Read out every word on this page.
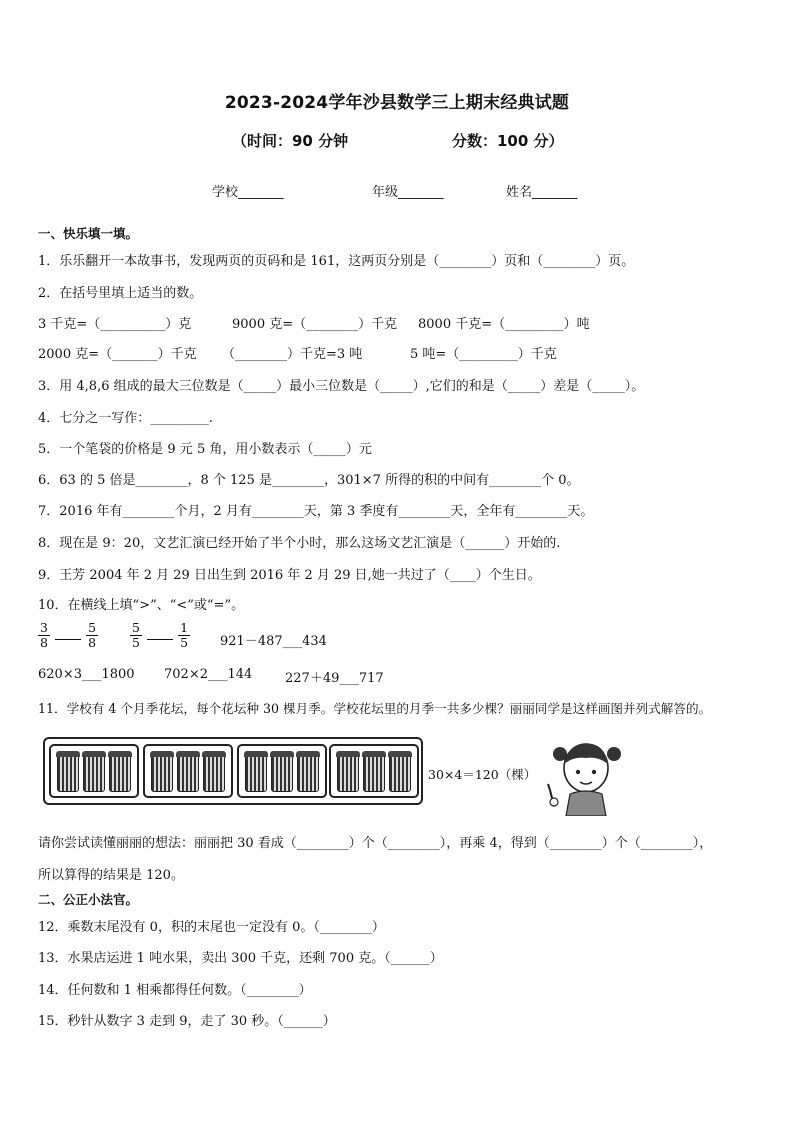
2023-2024学年沙县数学三上期末经典试题
（时间：90 分钟	分数：100 分）
学校_______	年级_______	姓名_______
一、快乐填一填。
1．乐乐翻开一本故事书，发现两页的页码和是 161，这两页分别是（________）页和（________）页。
2．在括号里填上适当的数。
3 千克=（__________）克	9000 克=（________）千克 8000 千克=（_________）吨
2000 克=（_______）千克 （________）千克=3 吨	5 吨=（_________）千克
3．用 4,8,6 组成的最大三位数是（_____）最小三位数是（_____）,它们的和是（_____）差是（_____）。
4．七分之一写作：_________.
5．一个笔袋的价格是 9 元 5 角，用小数表示（_____）元
6．63 的 5 倍是________，8 个 125 是________，301×7 所得的积的中间有________个 0。
7．2016 年有________个月，2 月有________天，第 3 季度有________天，全年有________天。
8．现在是 9：20，文艺汇演已经开始了半个小时，那么这场文艺汇演是（______）开始的.
9．王芳 2004 年 2 月 29 日出生到 2016 年 2 月 29 日,她一共过了（____）个生日。
10．在横线上填“>”、“<”或“=”。
$\frac{3}{8}$
	$\frac{5}{8}$	$\frac{5}{5}$
	$\frac{1}{5}$ 921－487___434
620×3___1800 702×2___144	227＋49___717
11．学校有 4 个月季花坛，每个花坛种 30 棵月季。学校花坛里的月季一共多少棵？丽丽同学是这样画图并列式解答的。
30×4＝120（棵）
请你尝试读懂丽丽的想法：丽丽把 30 看成（________）个（________），再乘 4，得到（________）个（________），
所以算得的结果是 120。
二、公正小法官。
12．乘数末尾没有 0，积的末尾也一定没有 0。（________）
13．水果店运进 1 吨水果，卖出 300 千克，还剩 700 克。（______）
14．任何数和 1 相乘都得任何数。（________）
15．秒针从数字 3 走到 9，走了 30 秒。（______）
